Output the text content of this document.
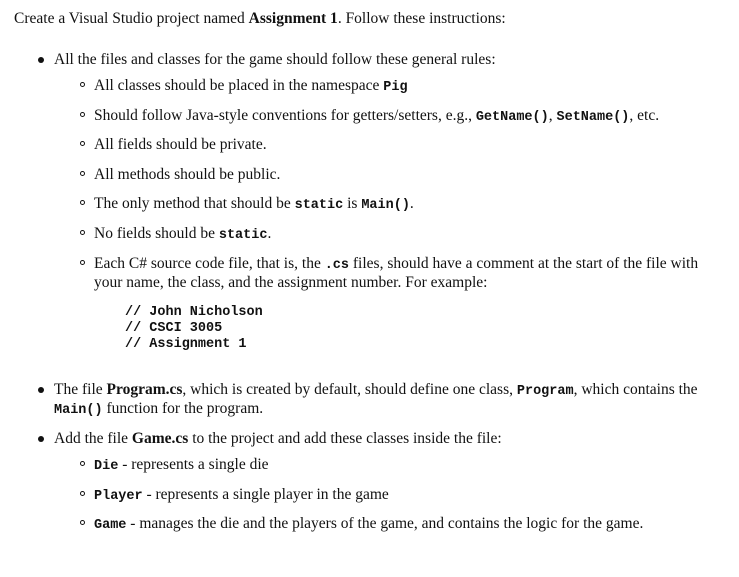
Create a Visual Studio project named Assignment 1. Follow these instructions:
All the files and classes for the game should follow these general rules:
All classes should be placed in the namespace Pig
Should follow Java-style conventions for getters/setters, e.g., GetName(), SetName(), etc.
All fields should be private.
All methods should be public.
The only method that should be static is Main().
No fields should be static.
Each C# source code file, that is, the .cs files, should have a comment at the start of the file with
your name, the class, and the assignment number. For example:
// John Nicholson
// CSCI 3005
// Assignment 1
The file Program.cs, which is created by default, should define one class, Program, which contains the
Main() function for the program.
Add the file Game.cs to the project and add these classes inside the file:
Die - represents a single die
Player - represents a single player in the game
Game - manages the die and the players of the game, and contains the logic for the game.
